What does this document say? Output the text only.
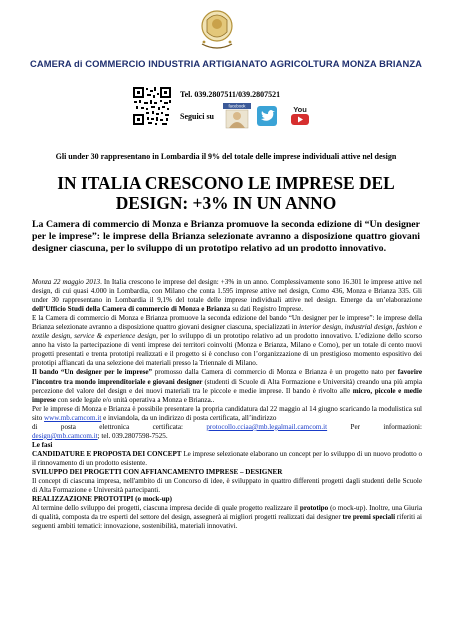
CAMERA di COMMERCIO INDUSTRIA ARTIGIANATO AGRICOLTURA MONZA BRIANZA
Tel. 039.2807511/039.2807521
Seguici su
facebook	You
Gli under 30 rappresentano in Lombardia il 9% del totale delle imprese individuali attive nel design
IN ITALIA CRESCONO LE IMPRESE DEL
DESIGN: +3% IN UN ANNO
La Camera di commercio di Monza e Brianza promuove la seconda edizione di “Un designer per le imprese”: le imprese della Brianza selezionate avranno a disposizione quattro giovani designer ciascuna, per lo sviluppo di un prototipo relativo ad un prodotto innovativo.

Monza 22 maggio 2013. In Italia crescono le imprese del design: +3% in un anno. Complessivamente sono 16.301 le imprese attive nel design, di cui quasi 4.000 in Lombardia, con Milano che conta 1.595 imprese attive nel design, Como 436, Monza e Brianza 335. Gli under 30 rappresentano in Lombardia il 9,1% del totale delle imprese individuali attive nel design. Emerge da un’elaborazione dell’Ufficio Studi della Camera di commercio di Monza e Brianza su dati Registro Imprese.

E la Camera di commercio di Monza e Brianza promuove la seconda edizione del bando “Un designer per le imprese”: le imprese della Brianza selezionate avranno a disposizione quattro giovani designer ciascuna, specializzati in interior design, industrial design, fashion e textile design, service & experience design, per lo sviluppo di un prototipo relativo ad un prodotto innovativo. L’edizione dello scorso anno ha visto la partecipazione di venti imprese dei territori coinvolti (Monza e Brianza, Milano e Como), per un totale di cento nuovi progetti presentati e trenta prototipi realizzati e il progetto si è concluso con l’organizzazione di un prestigioso momento espositivo dei prototipi affiancati da una selezione dei materiali presso la Triennale di Milano.

Il bando “Un designer per le imprese” promosso dalla Camera di commercio di Monza e Brianza è un progetto nato per favorire l’incontro tra mondo imprenditoriale e giovani designer (studenti di Scuole di Alta Formazione e Università) creando una più ampia percezione del valore del design e dei nuovi materiali tra le piccole e medie imprese. Il bando è rivolto alle micro, piccole e medie imprese con sede legale e/o unità operativa a Monza e Brianza..

Per le imprese di Monza e Brianza è possibile presentare la propria candidatura dal 22 maggio al 14 giugno scaricando la modulistica sul sito www.mb.camcom.it e inviandola, da un indirizzo di posta certificata, all’indirizzo

di	posta	elettronica	certificata:	protocollo.cciaa@mb.legalmail.camcom.it	Per	informazioni:

design@mb.camcom.it; tel. 039.2807598-7525.

Le fasi

CANDIDATURE E PROPOSTA DEI CONCEPT Le imprese selezionate elaborano un concept per lo sviluppo di un nuovo prodotto o il rinnovamento di un prodotto esistente.

SVILUPPO DEI PROGETTI CON AFFIANCAMENTO IMPRESE – DESIGNER

Il concept di ciascuna impresa, nell'ambito di un Concorso di idee, è sviluppato in quattro differenti progetti dagli studenti delle Scuole di Alta Formazione e Università partecipanti.

REALIZZAZIONE PROTOTIPI (o mock-up)

Al termine dello sviluppo dei progetti, ciascuna impresa decide di quale progetto realizzare il prototipo (o mock-up). Inoltre, una Giuria di qualità, composta da tre esperti del settore del design, assegnerà ai migliori progetti realizzati dai designer tre premi speciali riferiti ai seguenti ambiti tematici: innovazione, sostenibilità, materiali innovativi.
